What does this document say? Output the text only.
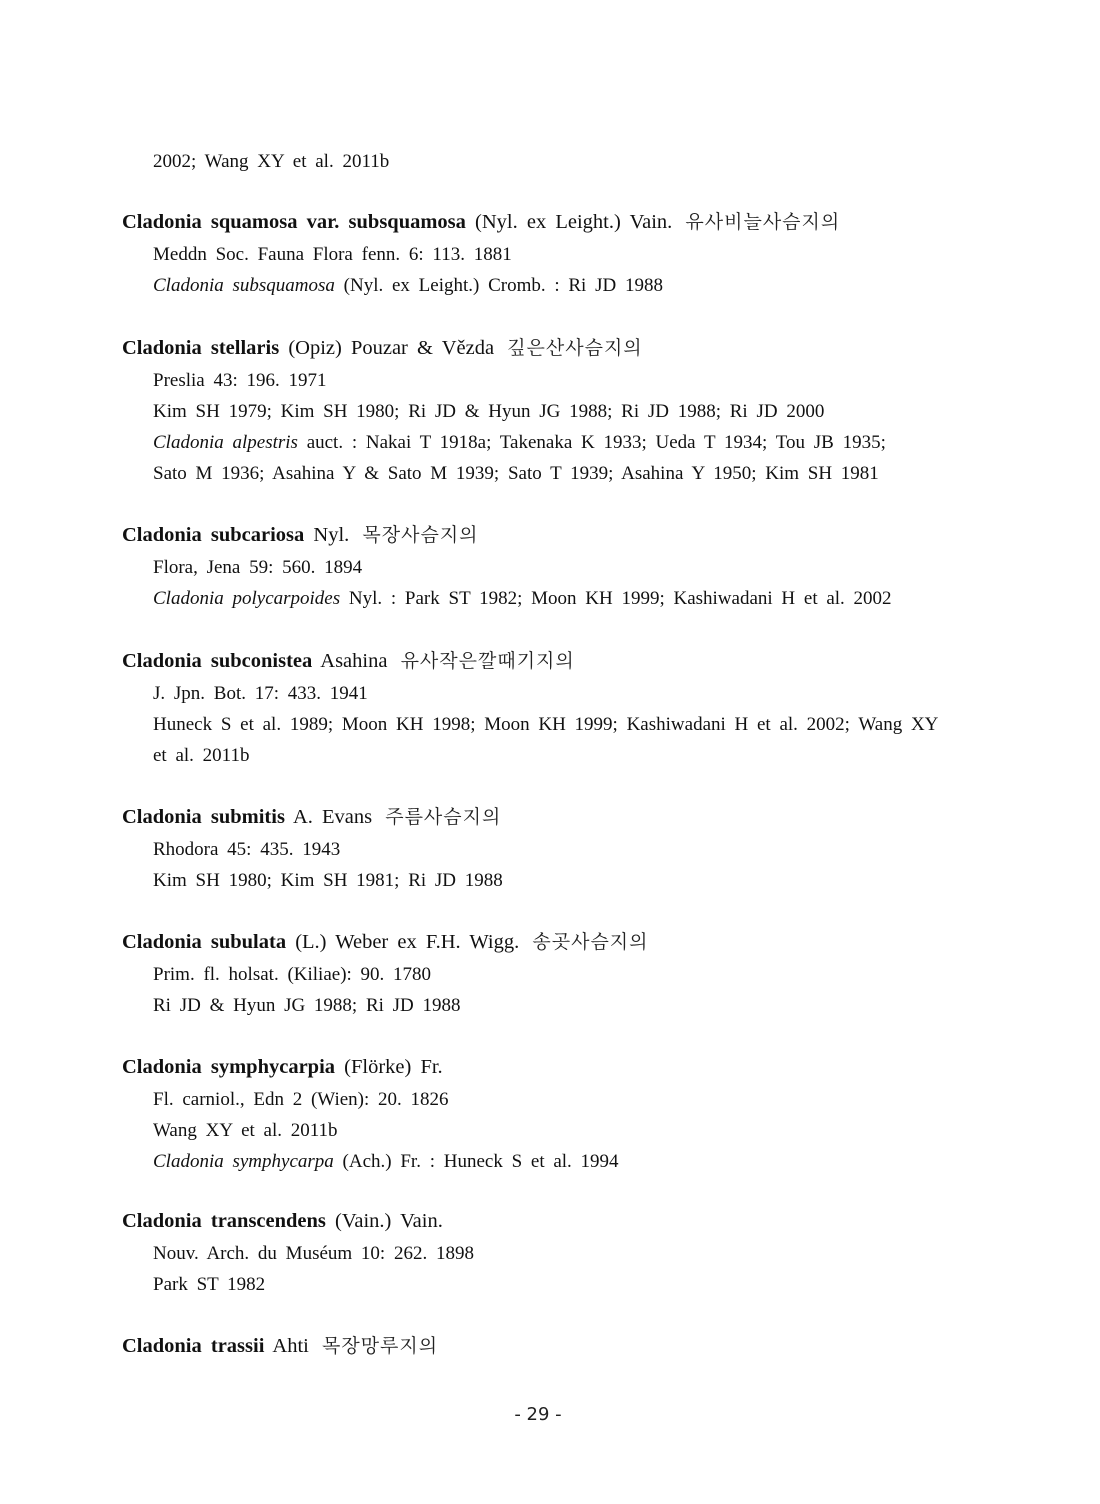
2002; Wang XY et al. 2011b
Cladonia squamosa var. subsquamosa (Nyl. ex Leight.) Vain. 유사비늘사슴지의
Meddn Soc. Fauna Flora fenn. 6: 113. 1881
Cladonia subsquamosa (Nyl. ex Leight.) Cromb. : Ri JD 1988
Cladonia stellaris (Opiz) Pouzar & Vězda 깊은산사슴지의
Preslia 43: 196. 1971
Kim SH 1979; Kim SH 1980; Ri JD & Hyun JG 1988; Ri JD 1988; Ri JD 2000
Cladonia alpestris auct. : Nakai T 1918a; Takenaka K 1933; Ueda T 1934; Tou JB 1935;
Sato M 1936; Asahina Y & Sato M 1939; Sato T 1939; Asahina Y 1950; Kim SH 1981
Cladonia subcariosa Nyl. 목장사슴지의
Flora, Jena 59: 560. 1894
Cladonia polycarpoides Nyl. : Park ST 1982; Moon KH 1999; Kashiwadani H et al. 2002
Cladonia subconistea Asahina 유사작은깔때기지의
J. Jpn. Bot. 17: 433. 1941
Huneck S et al. 1989; Moon KH 1998; Moon KH 1999; Kashiwadani H et al. 2002; Wang XY et al. 2011b
Cladonia submitis A. Evans 주름사슴지의
Rhodora 45: 435. 1943
Kim SH 1980; Kim SH 1981; Ri JD 1988
Cladonia subulata (L.) Weber ex F.H. Wigg. 송곳사슴지의
Prim. fl. holsat. (Kiliae): 90. 1780
Ri JD & Hyun JG 1988; Ri JD 1988
Cladonia symphycarpia (Flörke) Fr.
Fl. carniol., Edn 2 (Wien): 20. 1826
Wang XY et al. 2011b
Cladonia symphycarpa (Ach.) Fr. : Huneck S et al. 1994
Cladonia transcendens (Vain.) Vain.
Nouv. Arch. du Muséum 10: 262. 1898
Park ST 1982
Cladonia trassii Ahti 목장망루지의
- 29 -
